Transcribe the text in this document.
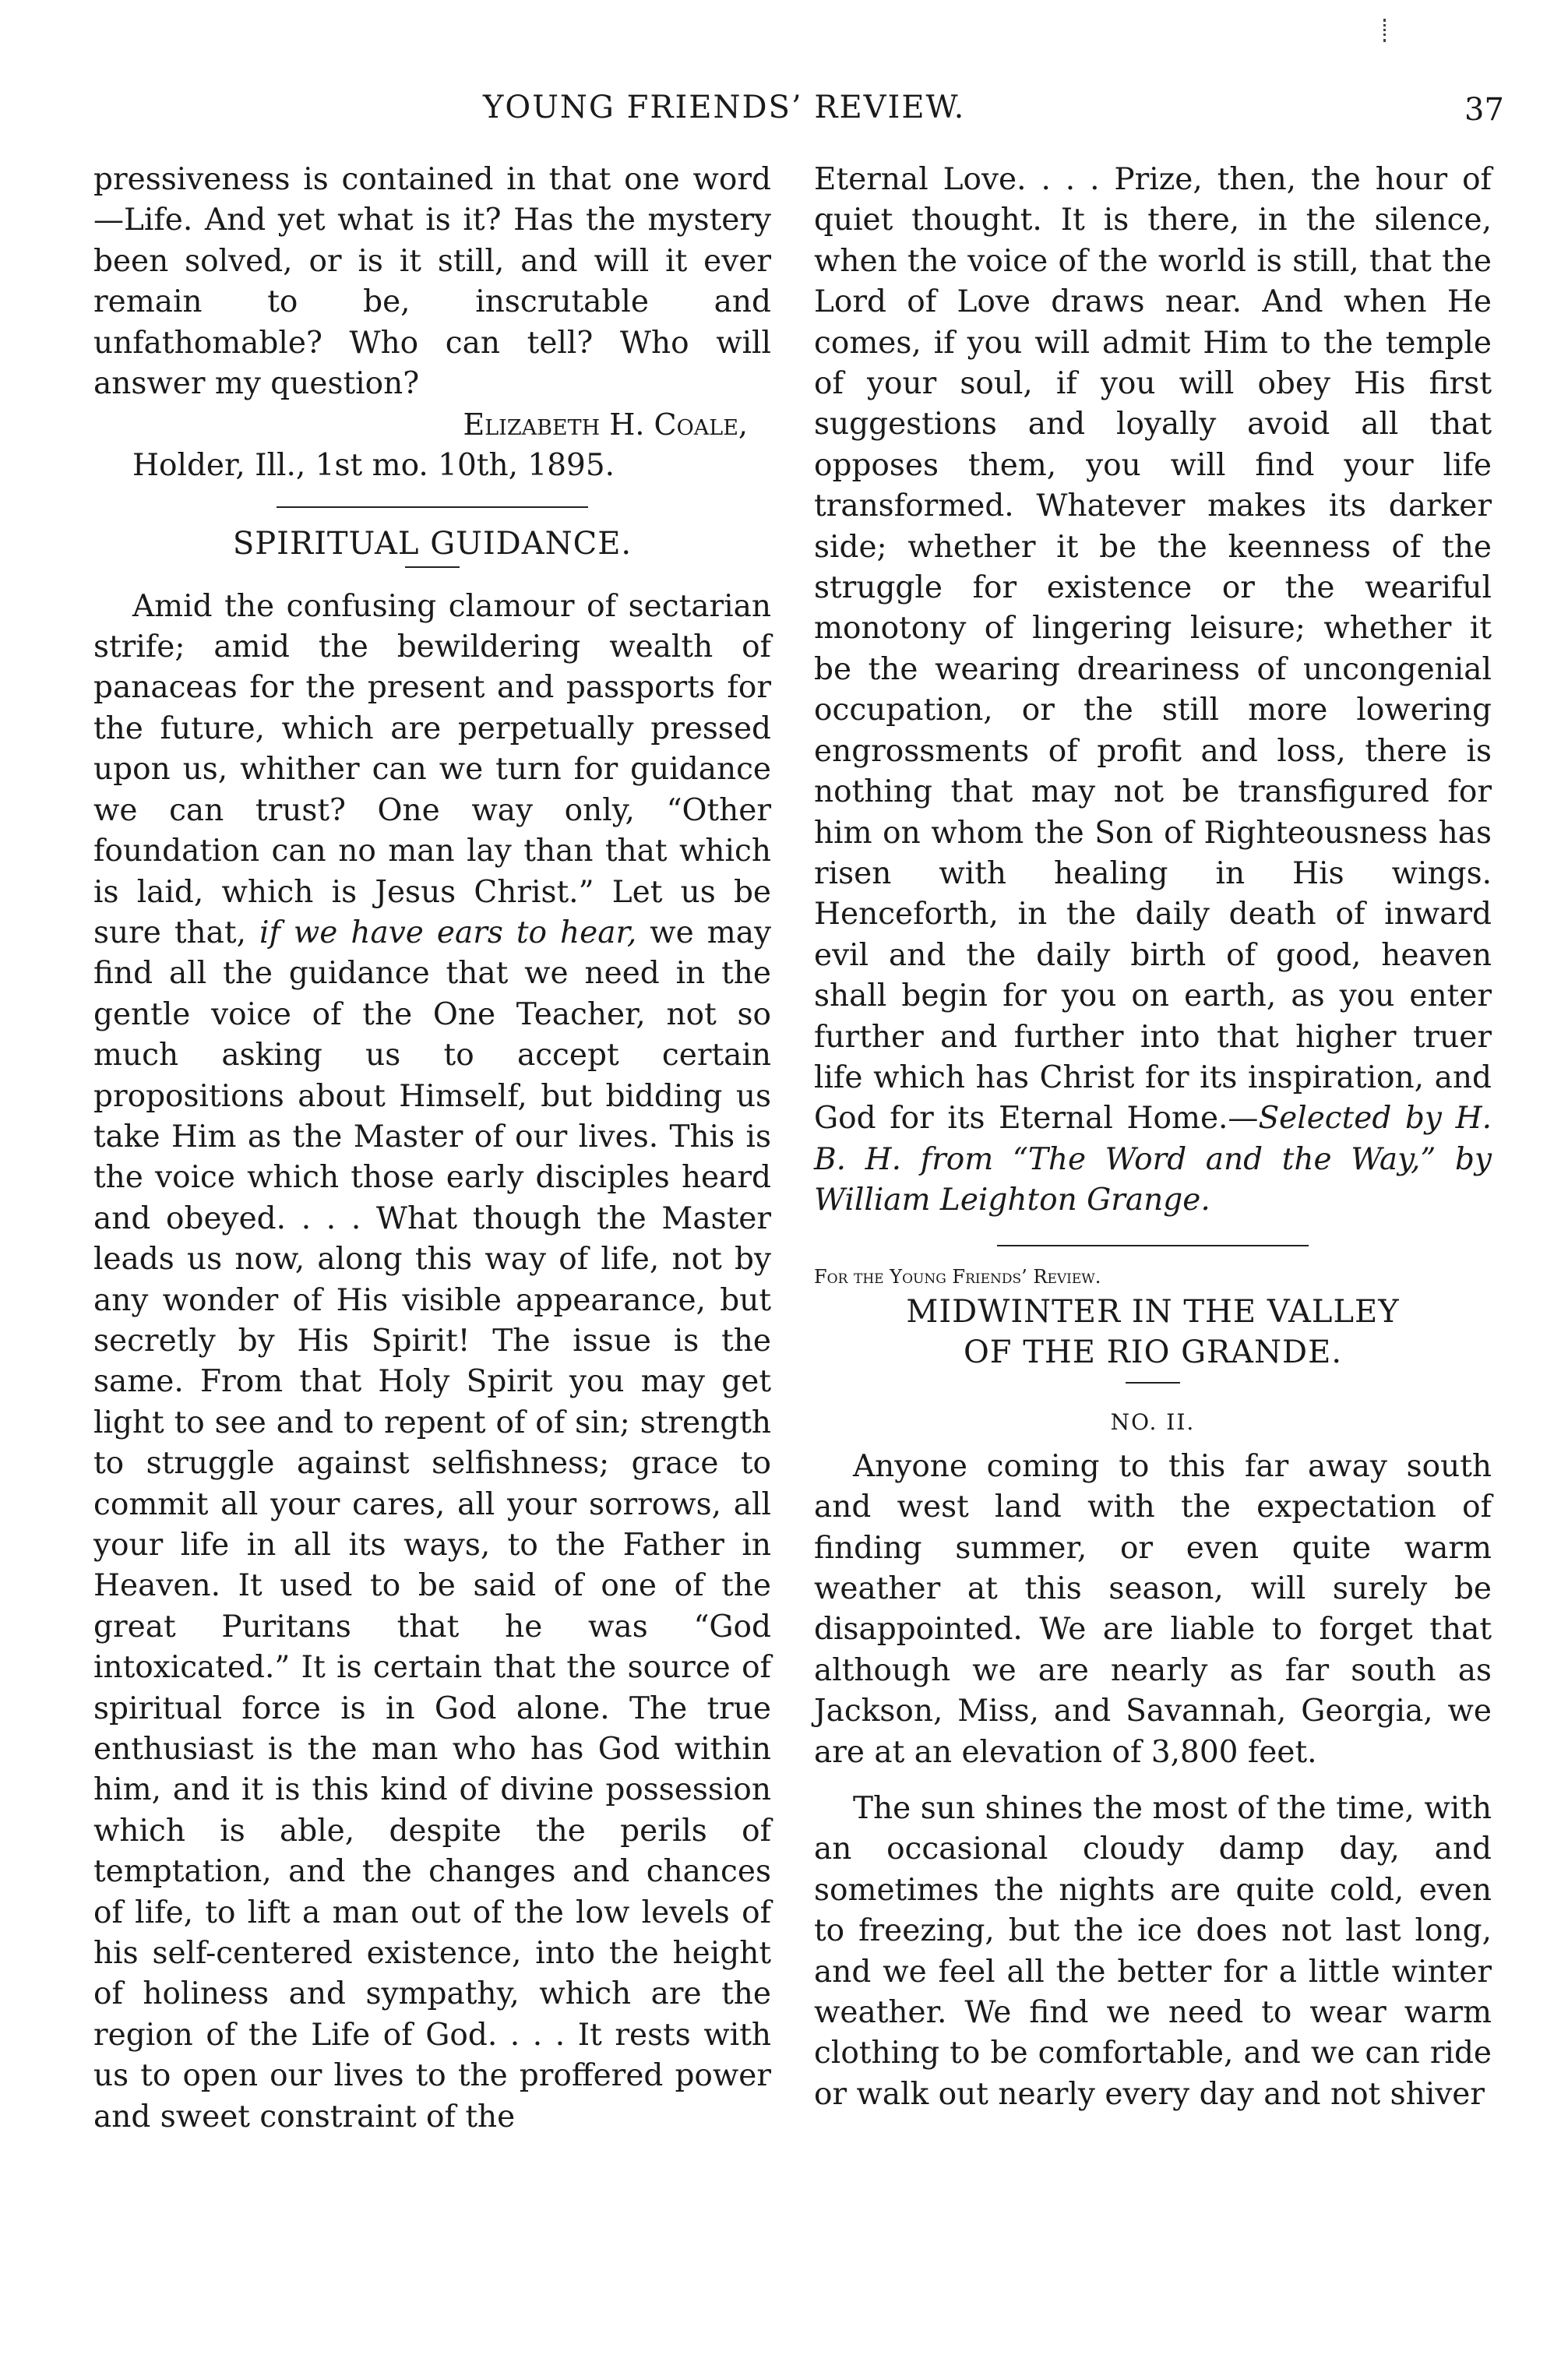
YOUNG FRIENDS’ REVIEW.	37

pressiveness is contained in that one word—Life. And yet what is it? Has the mystery been solved, or is it still, and will it ever remain to be, inscrutable and unfathomable? Who can tell? Who will answer my question?

Elizabeth H. Coale,
Holder, Ill., 1st mo. 10th, 1895.
SPIRITUAL GUIDANCE.

Amid the confusing clamour of sectarian strife; amid the bewildering wealth of panaceas for the present and passports for the future, which are perpetually pressed upon us, whither can we turn for guidance we can trust? One way only, “Other foundation can no man lay than that which is laid, which is Jesus Christ.” Let us be sure that, if we have ears to hear, we may find all the guidance that we need in the gentle voice of the One Teacher, not so much asking us to accept certain propositions about Himself, but bidding us take Him as the Master of our lives. This is the voice which those early disciples heard and obeyed. . . . What though the Master leads us now, along this way of life, not by any wonder of His visible appearance, but secretly by His Spirit! The issue is the same. From that Holy Spirit you may get light to see and to repent of of sin; strength to struggle against selfishness; grace to commit all your cares, all your sorrows, all your life in all its ways, to the Father in Heaven. It used to be said of one of the great Puritans that he was “God intoxicated.” It is certain that the source of spiritual force is in God alone. The true enthusiast is the man who has God within him, and it is this kind of divine possession which is able, despite the perils of temptation, and the changes and chances of life, to lift a man out of the low levels of his self-centered existence, into the height of holiness and sympathy, which are the region of the Life of God. . . . It rests with us to open our lives to the proffered power and sweet constraint of the

Eternal Love. . . . Prize, then, the hour of quiet thought. It is there, in the silence, when the voice of the world is still, that the Lord of Love draws near. And when He comes, if you will admit Him to the temple of your soul, if you will obey His first suggestions and loyally avoid all that opposes them, you will find your life transformed. Whatever makes its darker side; whether it be the keenness of the struggle for existence or the weariful monotony of lingering leisure; whether it be the wearing dreariness of uncongenial occupation, or the still more lowering engrossments of profit and loss, there is nothing that may not be transfigured for him on whom the Son of Righteousness has risen with healing in His wings. Henceforth, in the daily death of inward evil and the daily birth of good, heaven shall begin for you on earth, as you enter further and further into that higher truer life which has Christ for its inspiration, and God for its Eternal Home.—Selected by H. B. H. from “The Word and the Way,” by William Leighton Grange.

For the Young Friends’ Review.
MIDWINTER IN THE VALLEY
OF THE RIO GRANDE.
NO. II.

Anyone coming to this far away south and west land with the expectation of finding summer, or even quite warm weather at this season, will surely be disappointed. We are liable to forget that although we are nearly as far south as Jackson, Miss, and Savannah, Georgia, we are at an elevation of 3,800 feet.

The sun shines the most of the time, with an occasional cloudy damp day, and sometimes the nights are quite cold, even to freezing, but the ice does not last long, and we feel all the better for a little winter weather. We find we need to wear warm clothing to be comfortable, and we can ride or walk out nearly every day and not shiver
